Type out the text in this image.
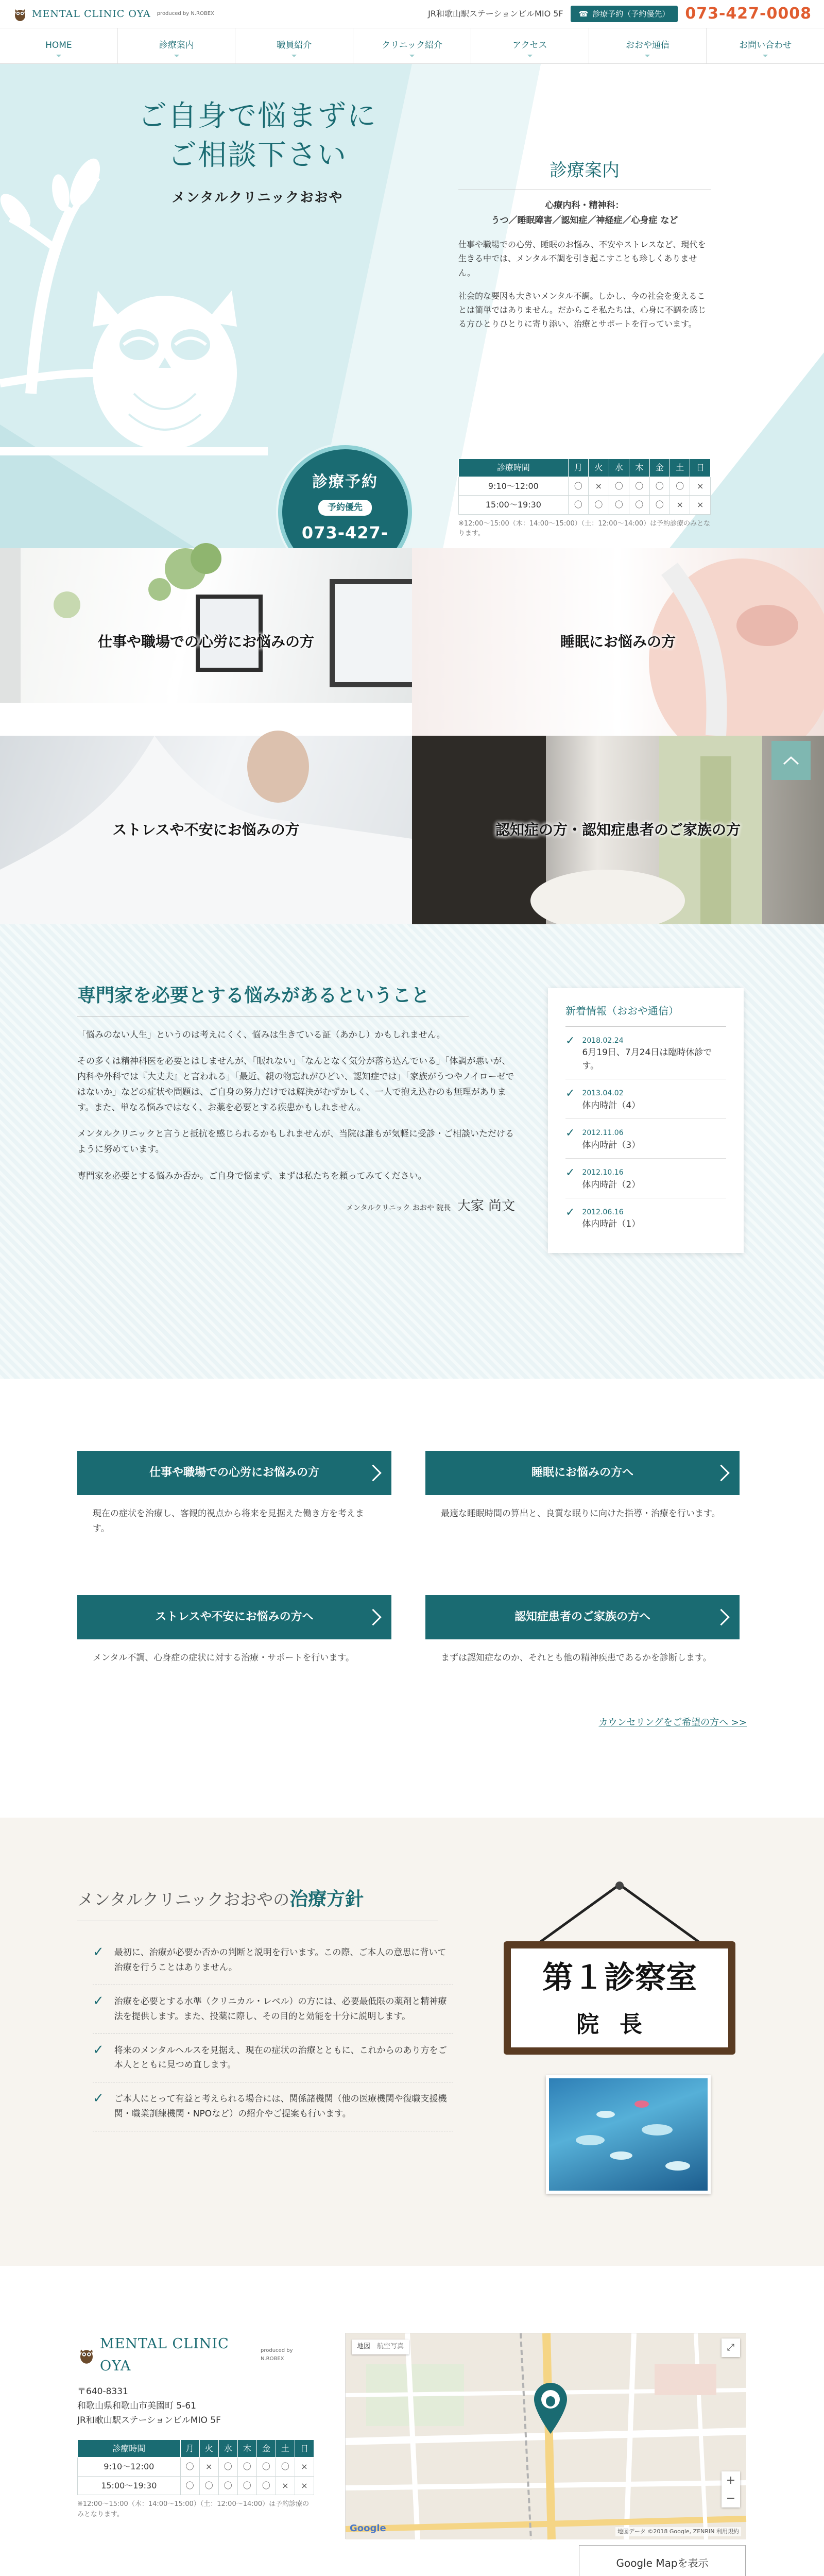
MENTAL CLINIC OYA produced by N.ROBEX	JR和歌山駅ステーションビルMIO 5F ☎ 診療予約（予約優先） 073-427-0008
HOME	診療案内	職員紹介	クリニック紹介	アクセス	おおや通信	お問い合わせ
ご自身で悩まずに
ご相談下さい
メンタルクリニックおおや
診療案内
心療内科・精神科：
うつ／睡眠障害／認知症／神経症／心身症 など

仕事や職場での心労、睡眠のお悩み、不安やストレスなど、現代を生きる中では、メンタル不調を引き起こすことも珍しくありません。

社会的な要因も大きいメンタル不調。しかし、今の社会を変えることは簡単ではありません。だからこそ私たちは、心身に不調を感じる方ひとりひとりに寄り添い、治療とサポートを行っています。

診療予約
予約優先
073-427-
診療時間	月	火	水	木	金	土	日
9:10〜12:00	〇	×	〇	〇	〇	〇	×
15:00〜19:30	〇	〇	〇	〇	〇	×	×
※12:00〜15:00（木：14:00〜15:00）（土：12:00〜14:00）は予約診療のみとなります。
仕事や職場での心労にお悩みの方	睡眠にお悩みの方
ストレスや不安にお悩みの方	認知症の方・認知症患者のご家族の方
専門家を必要とする悩みがあるということ

「悩みのない人生」というのは考えにくく、悩みは生きている証（あかし）かもしれません。

その多くは精神科医を必要とはしませんが、「眠れない」「なんとなく気分が落ち込んでいる」「体調が悪いが、内科や外科では『大丈夫』と言われる」「最近、親の物忘れがひどい、認知症では」「家族がうつやノイローゼではないか」などの症状や問題は、ご自身の努力だけでは解決がむずかしく、一人で抱え込むのも無理があります。また、単なる悩みではなく、お薬を必要とする疾患かもしれません。

メンタルクリニックと言うと抵抗を感じられるかもしれませんが、当院は誰もが気軽に受診・ご相談いただけるように努めています。

専門家を必要とする悩みか否か。ご自身で悩まず、まずは私たちを頼ってみてください。

メンタルクリニック おおや 院長 大家 尚文
新着情報（おおや通信）
✓ 2018.02.24
6月19日、7月24日は臨時休診です。
✓ 2013.04.02
体内時計（4）
✓ 2012.11.06
体内時計（3）
✓ 2012.10.16
体内時計（2）
✓ 2012.06.16
体内時計（1）
仕事や職場での心労にお悩みの方

現在の症状を治療し、客観的視点から将来を見据えた働き方を考えます。

睡眠にお悩みの方へ

最適な睡眠時間の算出と、良質な眠りに向けた指導・治療を行います。

ストレスや不安にお悩みの方へ

メンタル不調、心身症の症状に対する治療・サポートを行います。

認知症患者のご家族の方へ

まずは認知症なのか、それとも他の精神疾患であるかを診断します。

カウンセリングをご希望の方へ >>
メンタルクリニックおおやの治療方針
✓ 最初に、治療が必要か否かの判断と説明を行います。この際、ご本人の意思に背いて治療を行うことはありません。
✓ 治療を必要とする水準（クリニカル・レベル）の方には、必要最低限の薬剤と精神療法を提供します。また、投薬に際し、その目的と効能を十分に説明します。
✓ 将来のメンタルヘルスを見据え、現在の症状の治療とともに、これからのあり方をご本人とともに見つめ直します。
✓ ご本人にとって有益と考えられる場合には、関係諸機関（他の医療機関や復職支援機関・職業訓練機関・NPOなど）の紹介やご提案も行います。
第１診察室
院長
MENTAL CLINIC OYA
produced by N.ROBEX
〒640-8331
和歌山県和歌山市美園町 5-61
JR和歌山駅ステーションビルMIO 5F
診療時間	月	火	水	木	金	土	日
9:10〜12:00	〇	×	〇	〇	〇	〇	×
15:00〜19:30	〇	〇	〇	〇	〇	×	×
※12:00〜15:00（木：14:00〜15:00）（土：12:00〜14:00）は予約診療のみとなります。
地図　 航空写真	⤢
+
−
Google	地図データ ©2018 Google, ZENRIN 利用規約
Google Mapを表示
